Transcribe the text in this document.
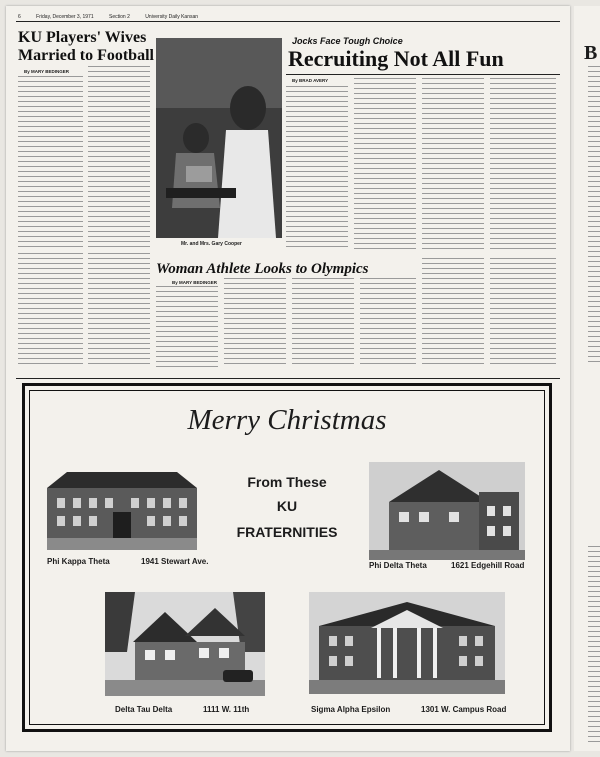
6	Friday, December 3, 1971	Section 2	University Daily Kansan
KU Players' Wives
Married to Football
By MARY BEDINGER
Mr. and Mrs. Gary Cooper
Jocks Face Tough Choice
Recruiting Not All Fun
By BRAD AVERY
Woman Athlete Looks to Olympics
By MARY BEDINGER
Merry Christmas
From These
KU
FRATERNITIES
Phi Kappa Theta	1941 Stewart Ave.	Phi Delta Theta	1621 Edgehill Road
Delta Tau Delta	1111 W. 11th	Sigma Alpha Epsilon	1301 W. Campus Road
B
